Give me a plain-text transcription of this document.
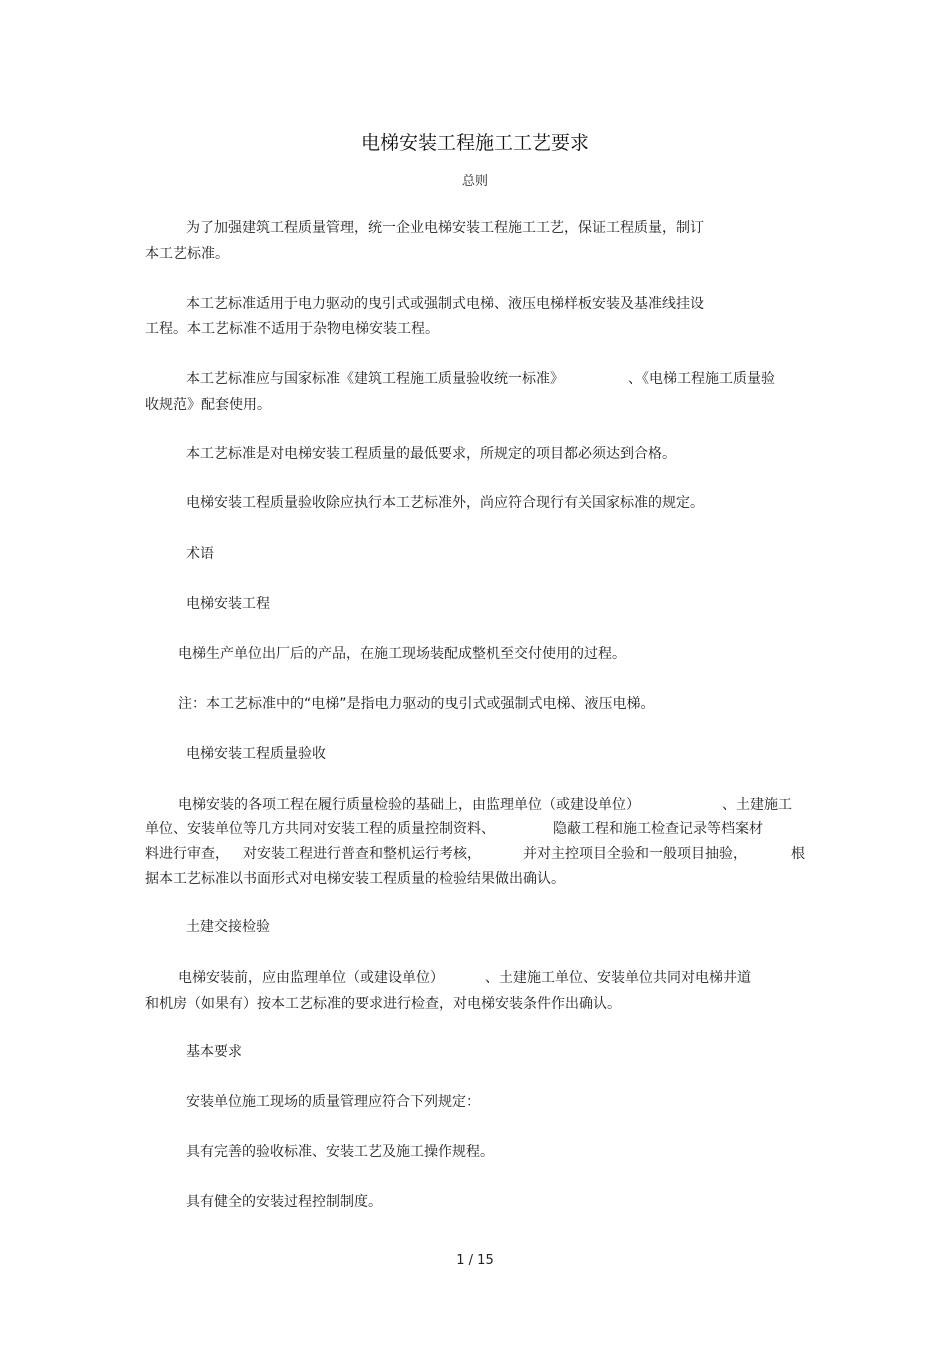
电梯安装工程施工工艺要求
总则
为了加强建筑工程质量管理，统一企业电梯安装工程施工工艺，保证工程质量，制订
本工艺标准。
本工艺标准适用于电力驱动的曳引式或强制式电梯、液压电梯样板安装及基准线挂设
工程。本工艺标准不适用于杂物电梯安装工程。
本工艺标准应与国家标准《建筑工程施工质量验收统一标准》	、《电梯工程施工质量验
收规范》配套使用。
本工艺标准是对电梯安装工程质量的最低要求，所规定的项目都必须达到合格。
电梯安装工程质量验收除应执行本工艺标准外，尚应符合现行有关国家标准的规定。
术语
电梯安装工程
电梯生产单位出厂后的产品，在施工现场装配成整机至交付使用的过程。
注：本工艺标准中的“电梯”是指电力驱动的曳引式或强制式电梯、液压电梯。
电梯安装工程质量验收
电梯安装的各项工程在履行质量检验的基础上，由监理单位（或建设单位）	、土建施工
单位、安装单位等几方共同对安装工程的质量控制资料、	隐蔽工程和施工检查记录等档案材
料进行审查， 对安装工程进行普查和整机运行考核，	并对主控项目全验和一般项目抽验，	根
据本工艺标准以书面形式对电梯安装工程质量的检验结果做出确认。
土建交接检验
电梯安装前，应由监理单位（或建设单位）	、土建施工单位、安装单位共同对电梯井道
和机房（如果有）按本工艺标准的要求进行检查，对电梯安装条件作出确认。
基本要求
安装单位施工现场的质量管理应符合下列规定：
具有完善的验收标准、安装工艺及施工操作规程。
具有健全的安装过程控制制度。
1 / 15
